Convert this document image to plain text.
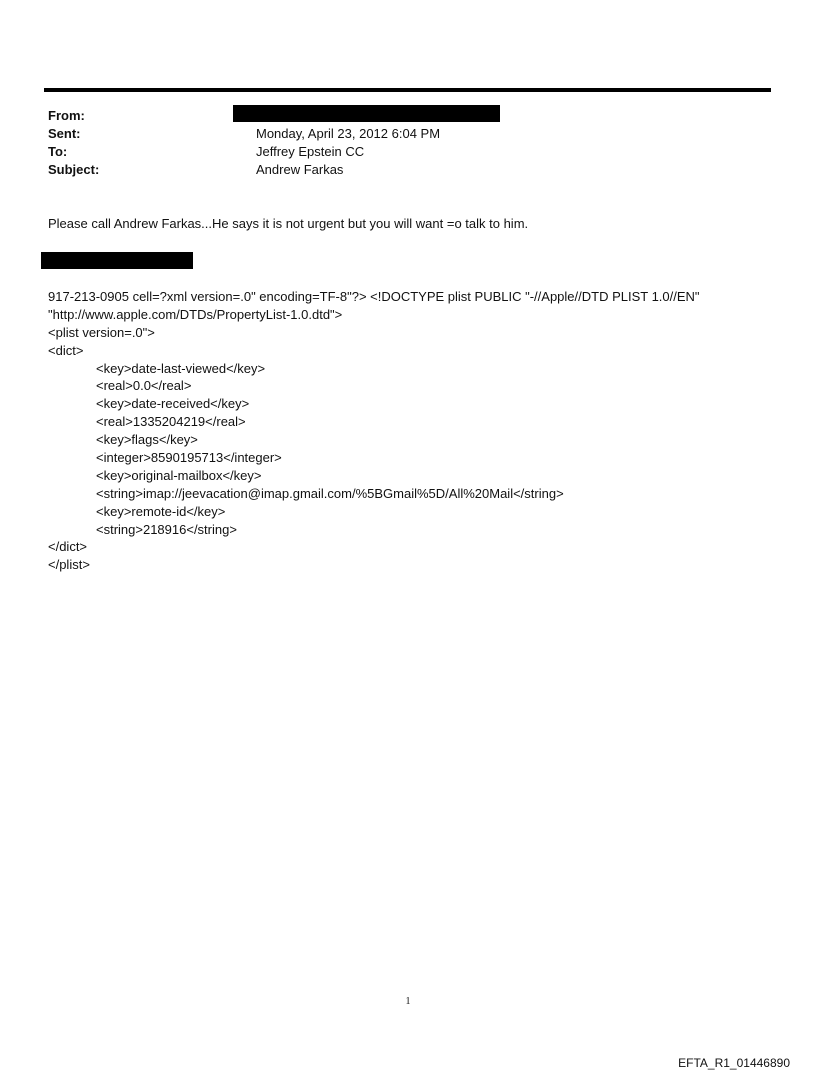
From:
Sent:	Monday, April 23, 2012 6:04 PM
To:	Jeffrey Epstein CC
Subject:	Andrew Farkas
Please call Andrew Farkas...He says it is not urgent but you will want =o talk to him.
917-213-0905 cell=?xml version=.0" encoding=TF-8"?> <!DOCTYPE plist PUBLIC "-//Apple//DTD PLIST 1.0//EN"
"http://www.apple.com/DTDs/PropertyList-1.0.dtd">
<plist version=.0">
<dict>
<key>date-last-viewed</key>
<real>0.0</real>
<key>date-received</key>
<real>1335204219</real>
<key>flags</key>
<integer>8590195713</integer>
<key>original-mailbox</key>
<string>imap://jeevacation@imap.gmail.com/%5BGmail%5D/All%20Mail</string>
<key>remote-id</key>
<string>218916</string>
</dict>
</plist>
1
EFTA_R1_01446890
